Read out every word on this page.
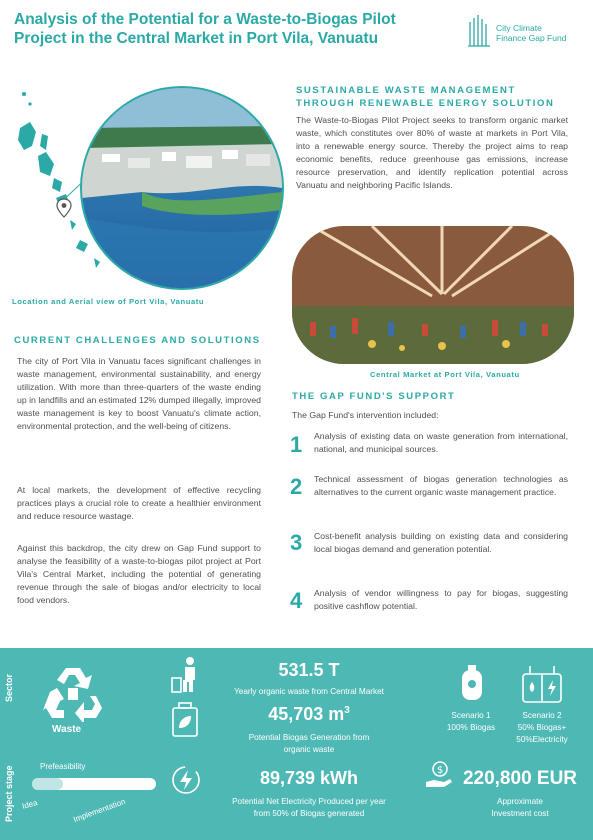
Analysis of the Potential for a Waste-to-Biogas Pilot
Project in the Central Market in Port Vila, Vanuatu
City Climate
Finance Gap Fund
Location and Aerial view of Port Vila, Vanuatu
SUSTAINABLE WASTE MANAGEMENT
THROUGH RENEWABLE ENERGY SOLUTION
The Waste-to-Biogas Pilot Project seeks to transform organic market waste, which constitutes over 80% of waste at markets in Port Vila, into a renewable energy source. Thereby the project aims to reap economic benefits, reduce greenhouse gas emissions, increase resource preservation, and identify replication potential across Vanuatu and neighboring Pacific Islands.
Central Market at Port Vila, Vanuatu
CURRENT CHALLENGES AND SOLUTIONS
The city of Port Vila in Vanuatu faces significant challenges in waste management, environmental sustainability, and energy utilization. With more than three-quarters of the waste ending up in landfills and an estimated 12% dumped illegally, improved waste management is key to boost Vanuatu's climate action, environmental protection, and the well-being of citizens.
At local markets, the development of effective recycling practices plays a crucial role to create a healthier environment and reduce resource wastage.
Against this backdrop, the city drew on Gap Fund support to analyse the feasibility of a waste-to-biogas pilot project at Port Vila's Central Market, including the potential of generating revenue through the sale of biogas and/or electricity to local food vendors.
THE GAP FUND'S SUPPORT
The Gap Fund's intervention included:
1 Analysis of existing data on waste generation from international, national, and municipal sources.
2 Technical assessment of biogas generation technologies as alternatives to the current organic waste management practice.
3 Cost-benefit analysis building on existing data and considering local biogas demand and generation potential.
4 Analysis of vendor willingness to pay for biogas, suggesting positive cashflow potential.
Sector
Project stage
Waste
Prefeasibility
Idea	Implementation
531.5 T
Yearly organic waste from Central Market
45,703 $m^3$
Potential Biogas Generation from
organic waste
89,739 kWh
Potential Net Electricity Produced per year
from 50% of Biogas generated
Scenario 1
100% Biogas
Scenario 2
50% Biogas+
50%Electricity
$	220,800 EUR
Approximate
Investment cost
